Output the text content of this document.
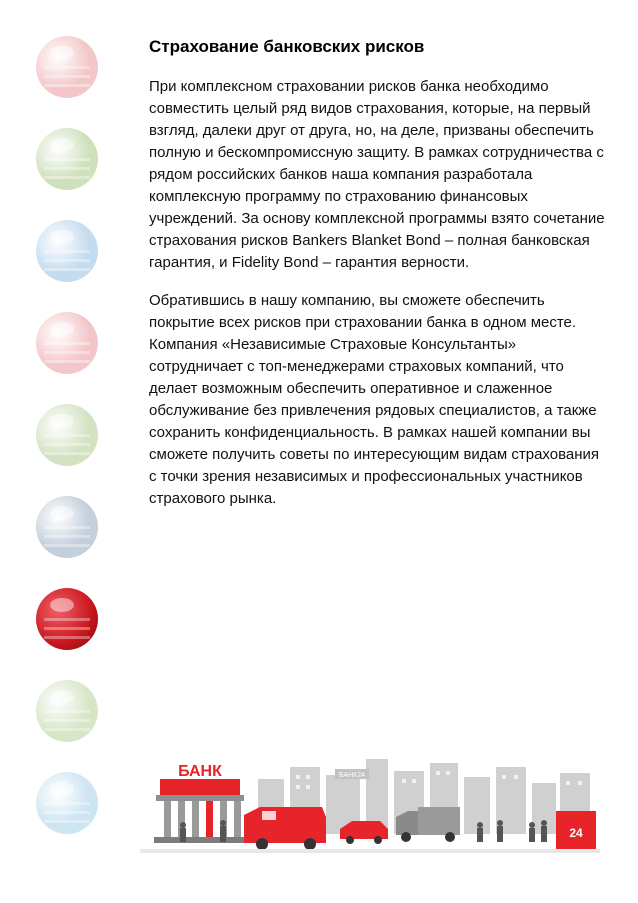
Страхование банковских рисков

При комплексном страховании рисков банка необходимо совместить целый ряд видов страхования, которые, на первый взгляд, далеки друг от друга, но, на деле, призваны обеспечить полную и бескомпромиссную защиту. В рамках сотрудничества с рядом российских банков наша компания разработала комплексную программу по страхованию финансовых учреждений. За основу комплексной программы взято сочетание страхования рисков Bankers Blanket Bond – полная банковская гарантия, и Fidelity Bond – гарантия верности.

Обратившись в нашу компанию, вы сможете обеспечить покрытие всех рисков при страховании банка в одном месте. Компания «Независимые Страховые Консультанты» сотрудничает с топ-менеджерами страховых компаний, что делает возможным обеспечить оперативное и слаженное обслуживание без привлечения рядовых специалистов, а также сохранить конфиденциальность. В рамках нашей компании вы сможете получить советы по интересующим видам страхования с точки зрения независимых и профессиональных участников страхового рынка.

БАНК24
БАНК
24
